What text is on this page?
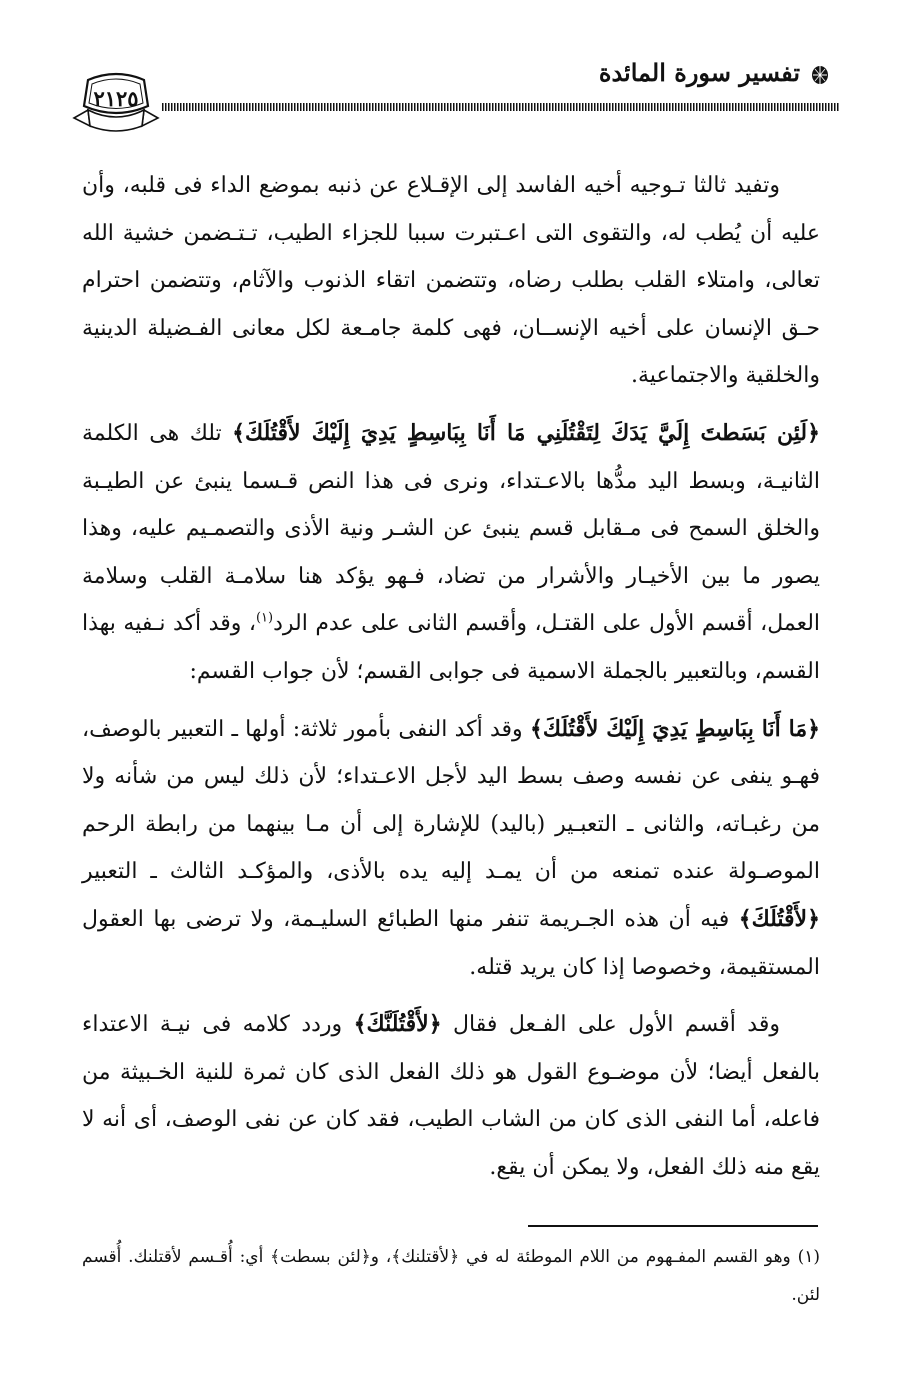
تفسير سورة المائدة
٢١٢٥

وتفيد ثالثا تـوجيه أخيه الفاسد إلى الإقـلاع عن ذنبه بموضع الداء فى قلبه، وأن عليه أن يُطب له، والتقوى التى اعـتبرت سببا للجزاء الطيب، تـتـضمن خشية الله تعالى، وامتلاء القلب بطلب رضاه، وتتضمن اتقاء الذنوب والآثام، وتتضمن احترام حـق الإنسان على أخيه الإنســان، فهى كلمة جامـعة لكل معانى الفـضيلة الدينية والخلقية والاجتماعية.

﴿لَئِن بَسَطتَ إِلَيَّ يَدَكَ لِتَقْتُلَنِي مَا أَنَا بِبَاسِطٍ يَدِيَ إِلَيْكَ لأَقْتُلَكَ﴾ تلك هى الكلمة الثانيـة، وبسط اليد مدُّها بالاعـتداء، ونرى فى هذا النص قـسما ينبئ عن الطيـبة والخلق السمح فى مـقابل قسم ينبئ عن الشـر ونية الأذى والتصمـيم عليه، وهذا يصور ما بين الأخيـار والأشرار من تضاد، فـهو يؤكد هنا سلامـة القلب وسلامة العمل، أقسم الأول على القتـل، وأقسم الثانى على عدم الرد$^{(١)}$، وقد أكد نـفيه بهذا القسم، وبالتعبير بالجملة الاسمية فى جوابى القسم؛ لأن جواب القسم:

﴿مَا أَنَا بِبَاسِطٍ يَدِيَ إِلَيْكَ لأَقْتُلَكَ﴾ وقد أكد النفى بأمور ثلاثة: أولها ـ التعبير بالوصف، فهـو ينفى عن نفسه وصف بسط اليد لأجل الاعـتداء؛ لأن ذلك ليس من شأنه ولا من رغبـاته، والثانى ـ التعبـير (باليد) للإشارة إلى أن مـا بينهما من رابطة الرحم الموصـولة عنده تمنعه من أن يمـد إليه يده بالأذى، والمؤكـد الثالث ـ التعبير ﴿لأَقْتُلَكَ﴾ فيه أن هذه الجـريمة تنفر منها الطبائع السليـمة، ولا ترضى بها العقول المستقيمة، وخصوصا إذا كان يريد قتله.

وقد أقسم الأول على الفـعل فقال ﴿لأَقْتُلَنَّكَ﴾ وردد كلامه فى نيـة الاعتداء بالفعل أيضا؛ لأن موضـوع القول هو ذلك الفعل الذى كان ثمرة للنية الخـبيثة من فاعله، أما النفى الذى كان من الشاب الطيب، فقد كان عن نفى الوصف، أى أنه لا يقع منه ذلك الفعل، ولا يمكن أن يقع.

(١) وهو القسم المفـهوم من اللام الموطئة له في ﴿لأقتلنك﴾، و﴿لئن بسطت﴾ أي: أُقـسم لأقتلنك. أُقسم لئن.
